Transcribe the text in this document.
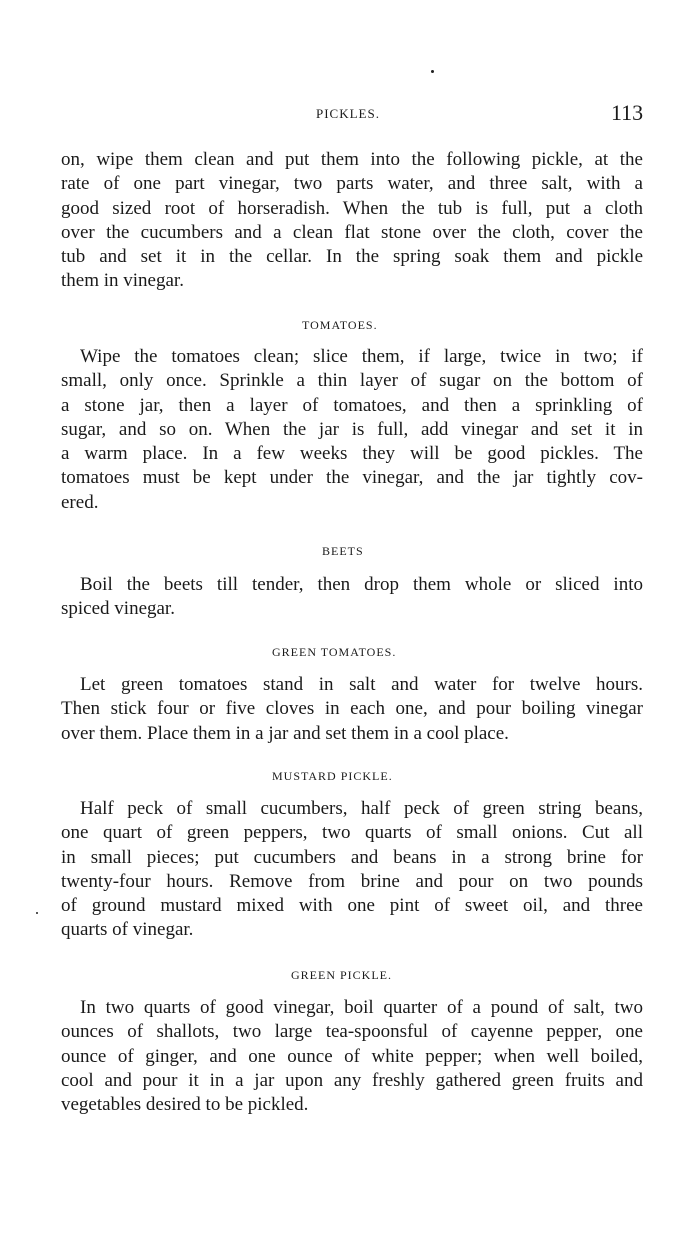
PICKLES.	113
on, wipe them clean and put them into the following pickle, at the
rate of one part vinegar, two parts water, and three salt, with a
good sized root of horseradish. When the tub is full, put a cloth
over the cucumbers and a clean flat stone over the cloth, cover the
tub and set it in the cellar. In the spring soak them and pickle
them in vinegar.
TOMATOES.
Wipe the tomatoes clean; slice them, if large, twice in two; if
small, only once. Sprinkle a thin layer of sugar on the bottom of
a stone jar, then a layer of tomatoes, and then a sprinkling of
sugar, and so on. When the jar is full, add vinegar and set it in
a warm place. In a few weeks they will be good pickles. The
tomatoes must be kept under the vinegar, and the jar tightly cov-
ered.
BEETS
Boil the beets till tender, then drop them whole or sliced into
spiced vinegar.
GREEN TOMATOES.
Let green tomatoes stand in salt and water for twelve hours.
Then stick four or five cloves in each one, and pour boiling vinegar
over them. Place them in a jar and set them in a cool place.
MUSTARD PICKLE.
Half peck of small cucumbers, half peck of green string beans,
one quart of green peppers, two quarts of small onions. Cut all
in small pieces; put cucumbers and beans in a strong brine for
twenty-four hours. Remove from brine and pour on two pounds
of ground mustard mixed with one pint of sweet oil, and three
quarts of vinegar.
GREEN PICKLE.
In two quarts of good vinegar, boil quarter of a pound of salt, two
ounces of shallots, two large tea-spoonsful of cayenne pepper, one
ounce of ginger, and one ounce of white pepper; when well boiled,
cool and pour it in a jar upon any freshly gathered green fruits and
vegetables desired to be pickled.
